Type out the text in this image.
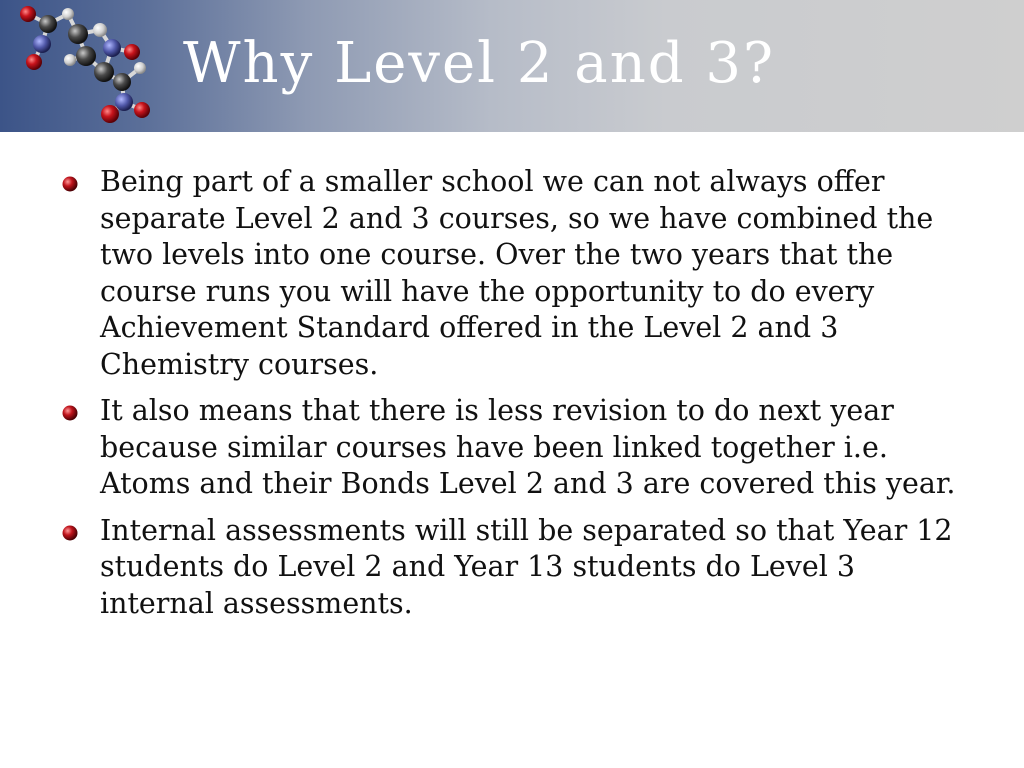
Why Level 2 and 3?
Being part of a smaller school we can not always offer separate Level 2 and 3 courses, so we have combined the two levels into one course. Over the two years that the course runs you will have the opportunity to do every Achievement Standard offered in the Level 2 and 3 Chemistry courses.
It also means that there is less revision to do next year because similar courses have been linked together i.e. Atoms and their Bonds Level 2 and 3 are covered this year.
Internal assessments will still be separated so that Year 12 students do Level 2 and Year 13 students do Level 3 internal assessments.
